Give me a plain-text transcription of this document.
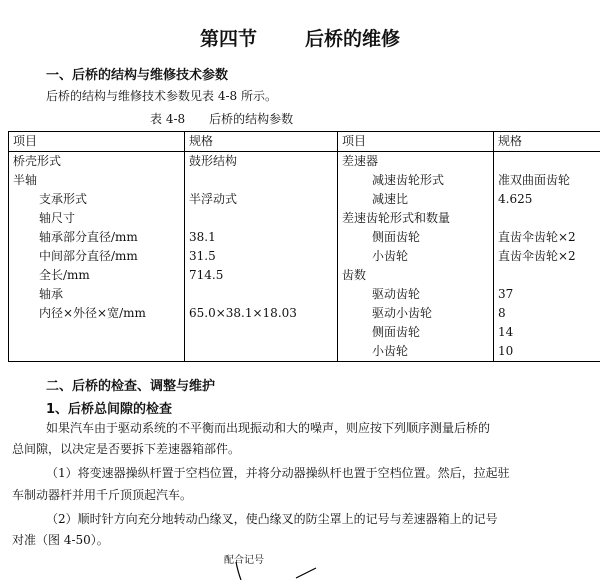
第四节	后桥的维修
一、后桥的结构与维修技术参数
后桥的结构与维修技术参数见表 4-8 所示。
表 4-8 后桥的结构参数
项目	规格	项目	规格
桥壳形式	鼓形结构	差速器	
半轴		减速齿轮形式	准双曲面齿轮
支承形式	半浮动式	减速比	4.625
轴尺寸		差速齿轮形式和数量	
轴承部分直径/mm	38.1	侧面齿轮	直齿伞齿轮×2
中间部分直径/mm	31.5	小齿轮	直齿伞齿轮×2
全长/mm	714.5	齿数	
轴承		驱动齿轮	37
内径×外径×宽/mm	65.0×38.1×18.03	驱动小齿轮	8
		侧面齿轮	14
		小齿轮	10
二、后桥的检查、调整与维护
1、后桥总间隙的检查
如果汽车由于驱动系统的不平衡而出现振动和大的噪声，则应按下列顺序测量后桥的
总间隙，以决定是否要拆下差速器箱部件。
（1）将变速器操纵杆置于空档位置，并将分动器操纵杆也置于空档位置。然后，拉起驻
车制动器杆并用千斤顶顶起汽车。
（2）顺时针方向充分地转动凸缘叉，使凸缘叉的防尘罩上的记号与差速器箱上的记号
对准（图 4-50）。
配合记号
